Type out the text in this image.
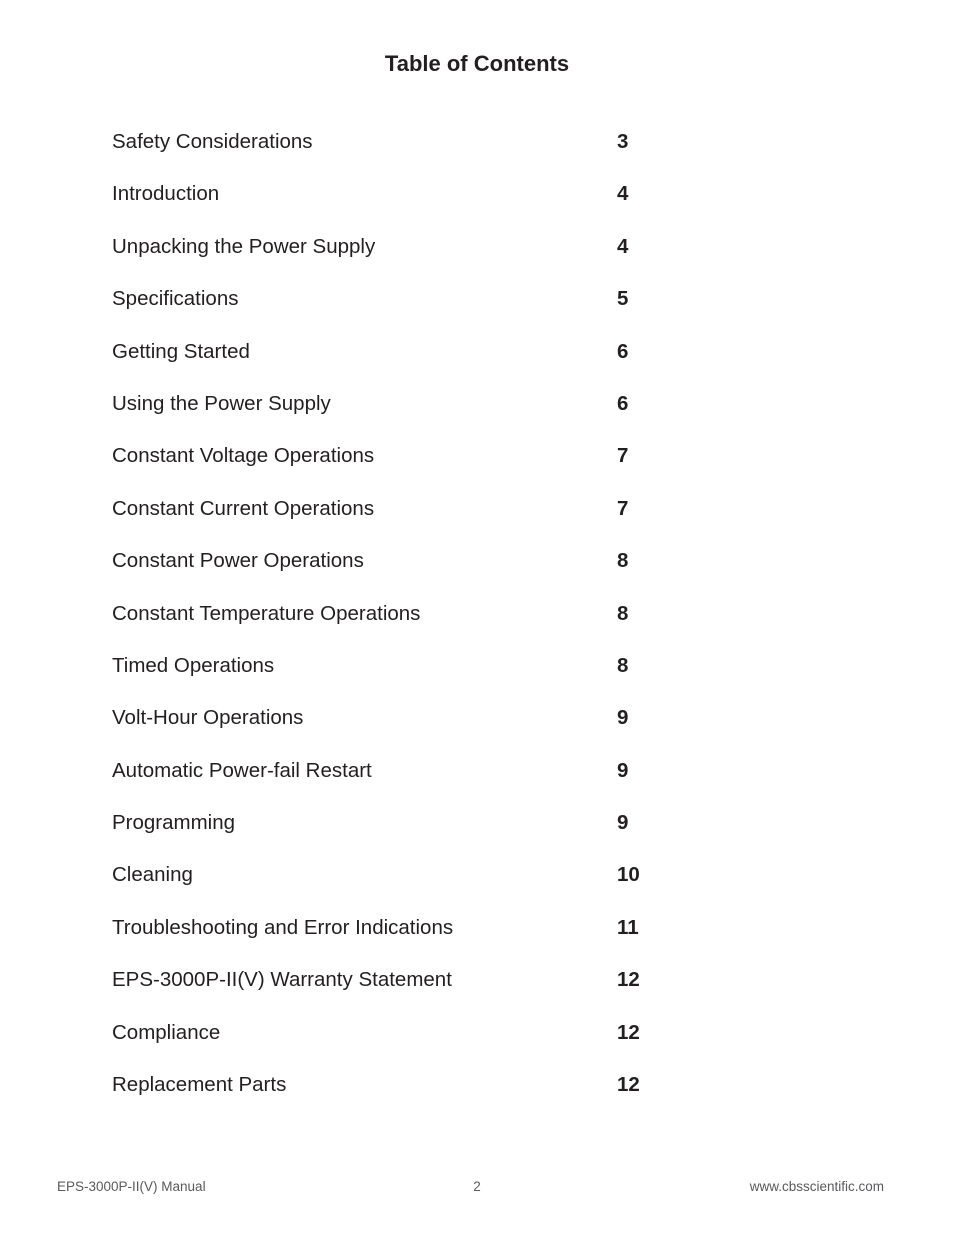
Table of Contents
Safety Considerations	3
Introduction	4
Unpacking the Power Supply	4
Specifications	5
Getting Started	6
Using the Power Supply	6
Constant Voltage Operations	7
Constant Current Operations	7
Constant Power Operations	8
Constant Temperature Operations	8
Timed Operations	8
Volt-Hour Operations	9
Automatic Power-fail Restart	9
Programming	9
Cleaning	10
Troubleshooting and Error Indications	11
EPS-3000P-II(V) Warranty Statement	12
Compliance	12
Replacement Parts	12
EPS-3000P-II(V) Manual	2	www.cbsscientific.com
